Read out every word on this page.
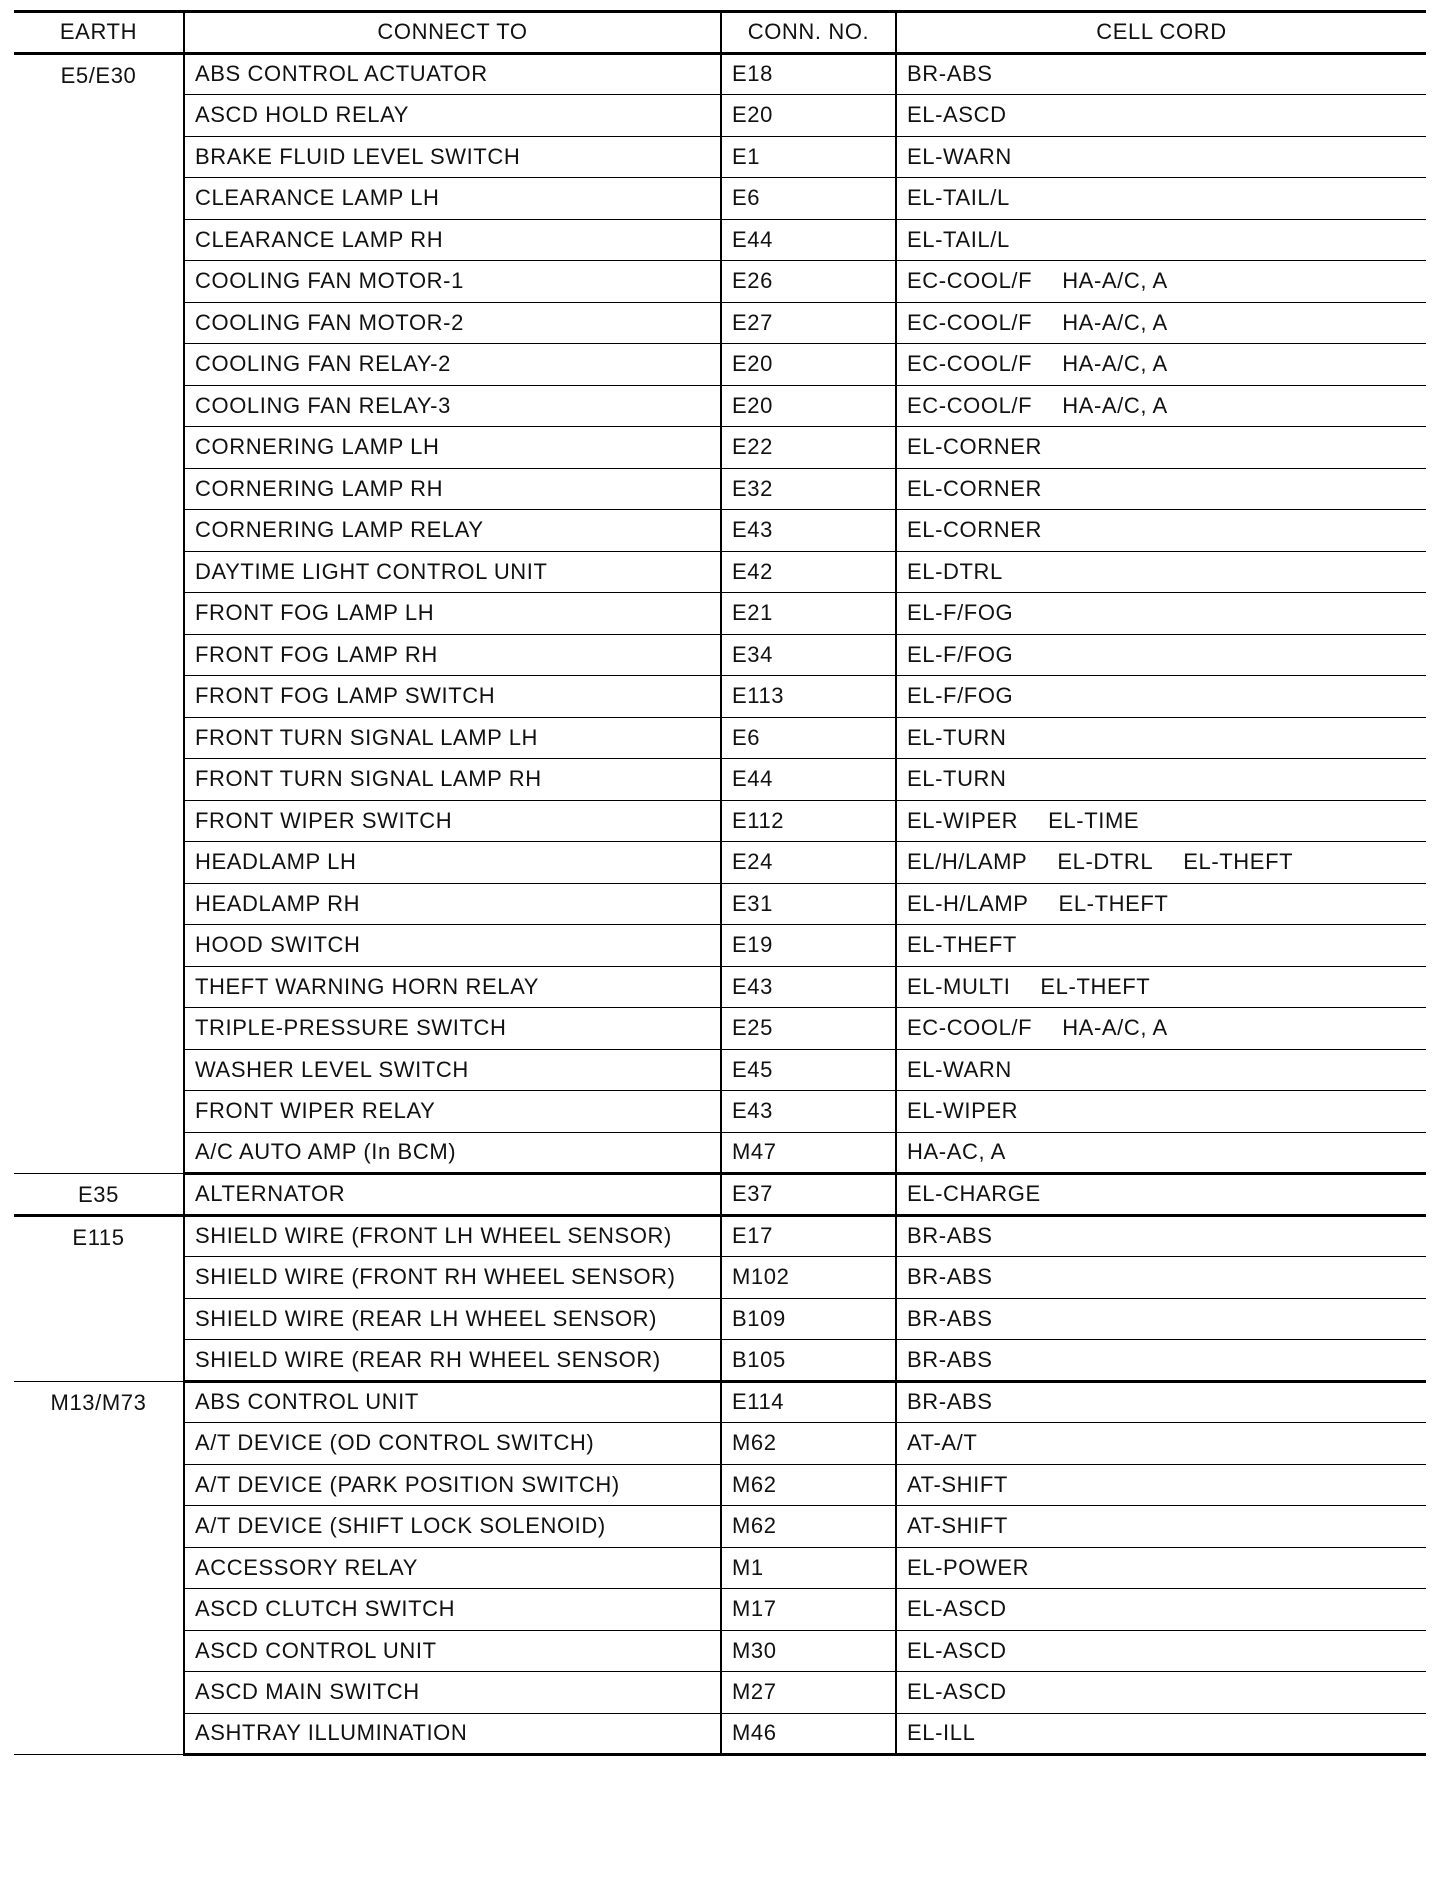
EARTH	CONNECT TO	CONN. NO.	CELL CORD
E5/E30	ABS CONTROL ACTUATOR	E18	BR-ABS
	ASCD HOLD RELAY	E20	EL-ASCD
	BRAKE FLUID LEVEL SWITCH	E1	EL-WARN
	CLEARANCE LAMP LH	E6	EL-TAIL/L
	CLEARANCE LAMP RH	E44	EL-TAIL/L
	COOLING FAN MOTOR-1	E26	EC-COOL/F HA-A/C, A
	COOLING FAN MOTOR-2	E27	EC-COOL/F HA-A/C, A
	COOLING FAN RELAY-2	E20	EC-COOL/F HA-A/C, A
	COOLING FAN RELAY-3	E20	EC-COOL/F HA-A/C, A
	CORNERING LAMP LH	E22	EL-CORNER
	CORNERING LAMP RH	E32	EL-CORNER
	CORNERING LAMP RELAY	E43	EL-CORNER
	DAYTIME LIGHT CONTROL UNIT	E42	EL-DTRL
	FRONT FOG LAMP LH	E21	EL-F/FOG
	FRONT FOG LAMP RH	E34	EL-F/FOG
	FRONT FOG LAMP SWITCH	E113	EL-F/FOG
	FRONT TURN SIGNAL LAMP LH	E6	EL-TURN
	FRONT TURN SIGNAL LAMP RH	E44	EL-TURN
	FRONT WIPER SWITCH	E112	EL-WIPER EL-TIME
	HEADLAMP LH	E24	EL/H/LAMP EL-DTRL EL-THEFT
	HEADLAMP RH	E31	EL-H/LAMP EL-THEFT
	HOOD SWITCH	E19	EL-THEFT
	THEFT WARNING HORN RELAY	E43	EL-MULTI EL-THEFT
	TRIPLE-PRESSURE SWITCH	E25	EC-COOL/F HA-A/C, A
	WASHER LEVEL SWITCH	E45	EL-WARN
	FRONT WIPER RELAY	E43	EL-WIPER
	A/C AUTO AMP (In BCM)	M47	HA-AC, A
E35	ALTERNATOR	E37	EL-CHARGE
E115	SHIELD WIRE (FRONT LH WHEEL SENSOR)	E17	BR-ABS
	SHIELD WIRE (FRONT RH WHEEL SENSOR)	M102	BR-ABS
	SHIELD WIRE (REAR LH WHEEL SENSOR)	B109	BR-ABS
	SHIELD WIRE (REAR RH WHEEL SENSOR)	B105	BR-ABS
M13/M73	ABS CONTROL UNIT	E114	BR-ABS
	A/T DEVICE (OD CONTROL SWITCH)	M62	AT-A/T
	A/T DEVICE (PARK POSITION SWITCH)	M62	AT-SHIFT
	A/T DEVICE (SHIFT LOCK SOLENOID)	M62	AT-SHIFT
	ACCESSORY RELAY	M1	EL-POWER
	ASCD CLUTCH SWITCH	M17	EL-ASCD
	ASCD CONTROL UNIT	M30	EL-ASCD
	ASCD MAIN SWITCH	M27	EL-ASCD
	ASHTRAY ILLUMINATION	M46	EL-ILL
